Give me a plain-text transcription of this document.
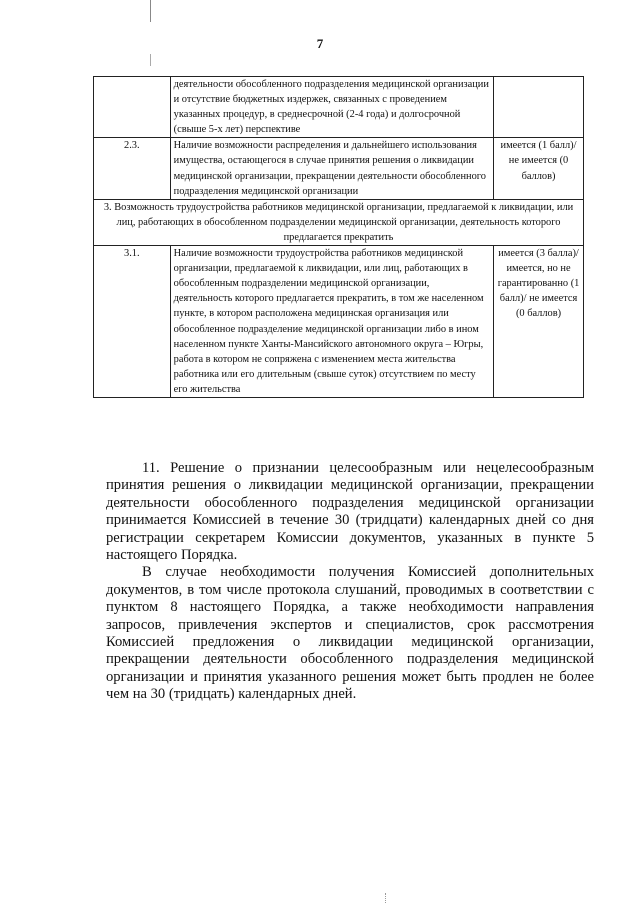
7
	деятельности обособленного подразделения медицинской организации и отсутствие бюджетных издержек, связанных с проведением указанных процедур, в среднесрочной (2-4 года) и долгосрочной (свыше 5-х лет) перспективе	
2.3.	Наличие возможности распределения и дальнейшего использования имущества, остающегося в случае принятия решения о ликвидации медицинской организации, прекращении деятельности обособленного подразделения медицинской организации	имеется (1 балл)/ не имеется (0 баллов)
3. Возможность трудоустройства работников медицинской организации, предлагаемой к ликвидации, или лиц, работающих в обособленном подразделении медицинской организации, деятельность которого предлагается прекратить		
3.1.	Наличие возможности трудоустройства работников медицинской организации, предлагаемой к ликвидации, или лиц, работающих в обособленным подразделении медицинской организации, деятельность которого предлагается прекратить, в том же населенном пункте, в котором расположена медицинская организация или обособленное подразделение медицинской организации либо в ином населенном пункте Ханты-Мансийского автономного округа – Югры, работа в котором не сопряжена с изменением места жительства работника или его длительным (свыше суток) отсутствием по месту его жительства	имеется (3 балла)/ имеется, но не гарантированно (1 балл)/ не имеется (0 баллов)

11. Решение о признании целесообразным или нецелесообразным принятия решения о ликвидации медицинской организации, прекращении деятельности обособленного подразделения медицинской организации принимается Комиссией в течение 30 (тридцати) календарных дней со дня регистрации секретарем Комиссии документов, указанных в пункте 5 настоящего Порядка.

В случае необходимости получения Комиссией дополнительных документов, в том числе протокола слушаний, проводимых в соответствии с пунктом 8 настоящего Порядка, а также необходимости направления запросов, привлечения экспертов и специалистов, срок рассмотрения Комиссией предложения о ликвидации медицинской организации, прекращении деятельности обособленного подразделения медицинской организации и принятия указанного решения может быть продлен не более чем на 30 (тридцать) календарных дней.
